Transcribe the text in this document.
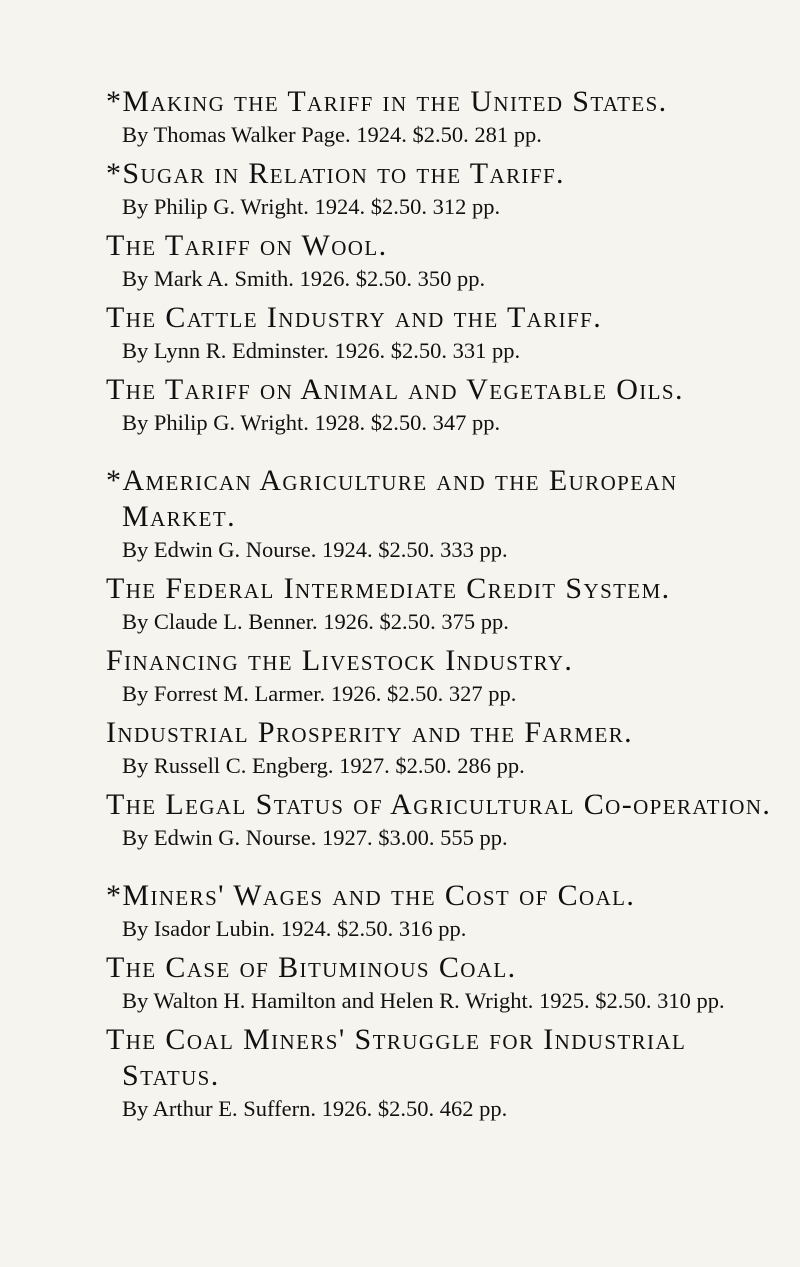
*Making the Tariff in the United States.
By Thomas Walker Page. 1924. $2.50. 281 pp.
*Sugar in Relation to the Tariff.
By Philip G. Wright. 1924. $2.50. 312 pp.
The Tariff on Wool.
By Mark A. Smith. 1926. $2.50. 350 pp.
The Cattle Industry and the Tariff.
By Lynn R. Edminster. 1926. $2.50. 331 pp.
The Tariff on Animal and Vegetable Oils.
By Philip G. Wright. 1928. $2.50. 347 pp.
*American Agriculture and the European Market.
By Edwin G. Nourse. 1924. $2.50. 333 pp.
The Federal Intermediate Credit System.
By Claude L. Benner. 1926. $2.50. 375 pp.
Financing the Livestock Industry.
By Forrest M. Larmer. 1926. $2.50. 327 pp.
Industrial Prosperity and the Farmer.
By Russell C. Engberg. 1927. $2.50. 286 pp.
The Legal Status of Agricultural Co-operation.
By Edwin G. Nourse. 1927. $3.00. 555 pp.
*Miners' Wages and the Cost of Coal.
By Isador Lubin. 1924. $2.50. 316 pp.
The Case of Bituminous Coal.
By Walton H. Hamilton and Helen R. Wright. 1925. $2.50. 310 pp.
The Coal Miners' Struggle for Industrial Status.
By Arthur E. Suffern. 1926. $2.50. 462 pp.
